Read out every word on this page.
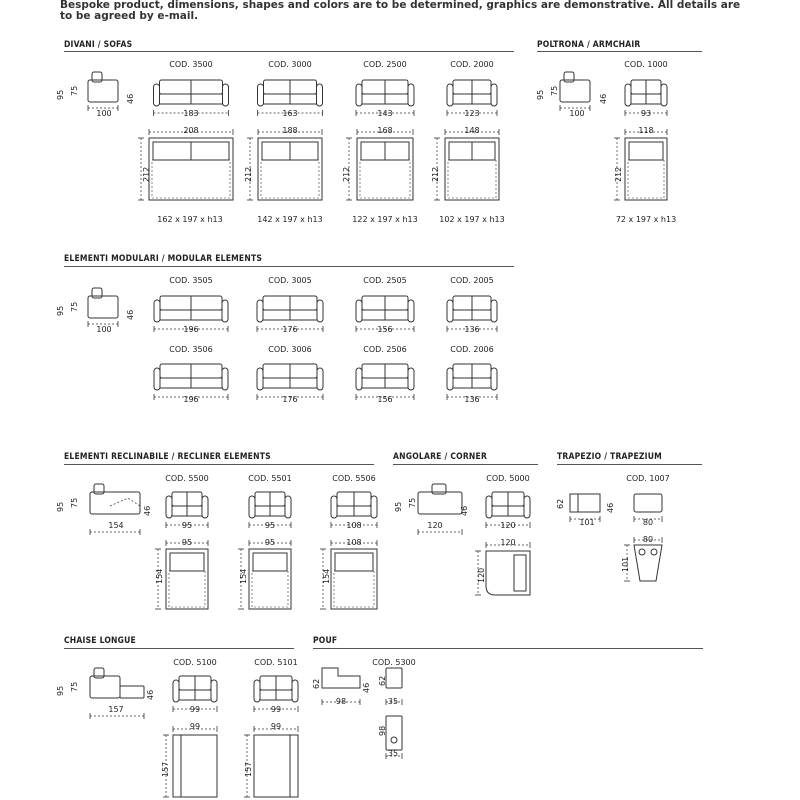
Bespoke product, dimensions, shapes and colors are to be determined, graphics are demonstrative. All details are to be agreed by e-mail.
DIVANI / SOFAS	POLTRONA / ARMCHAIR
ELEMENTI MODULARI / MODULAR ELEMENTS
ELEMENTI RECLINABILE / RECLINER ELEMENTS	ANGOLARE / CORNER	TRAPEZIO / TRAPEZIUM
CHAISE LONGUE	POUF
95 75
46
100
COD. 3500	COD. 3000	COD. 2500	COD. 2000
183	163	143	123
208	188	168	148
212	212	212	212
162 x 197 x h13	142 x 197 x h13	122 x 197 x h13	102 x 197 x h13
95 75
46
100
COD. 1000
93
118
212
72 x 197 x h13
95 75
46
100
COD. 3505	COD. 3005	COD. 2505	COD. 2005
196	176	156	136
COD. 3506	COD. 3006	COD. 2506	COD. 2006
196	176	156	136
95 75
46
154
COD. 5500	COD. 5501	COD. 5506
95	95	108
95	95	108
154	154	154
95 75
46
120
COD. 5000
120
120
120
62	46
101
COD. 1007
80
80
101
95 75
46
157
COD. 5100	COD. 5101
99	99
99	99
157	157
62	46
98
COD. 5300
62
35
98
35
